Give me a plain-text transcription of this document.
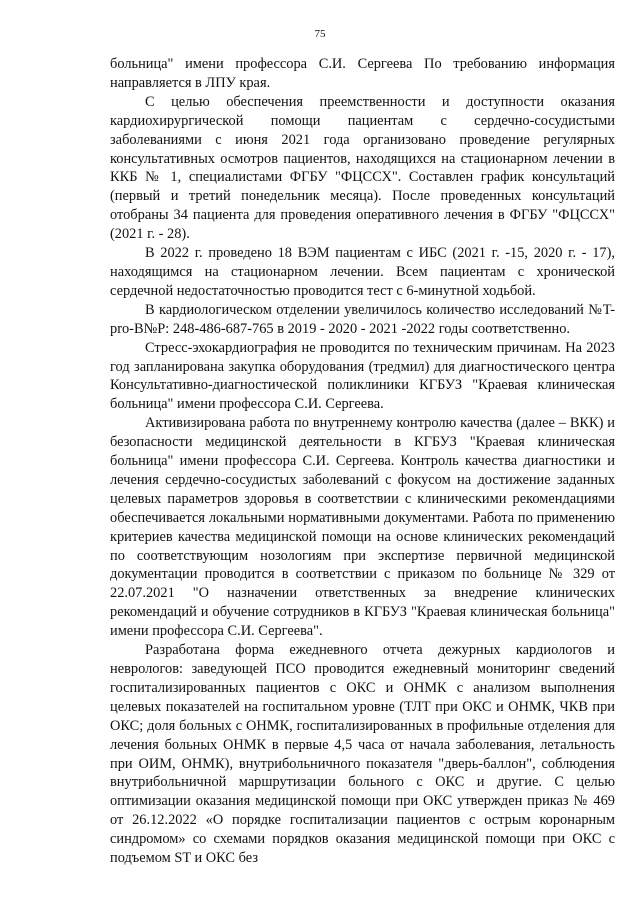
75

больница" имени профессора С.И. Сергеева По требованию информация направляется в ЛПУ края.

С целью обеспечения преемственности и доступности оказания кардиохирургической помощи пациентам с сердечно-сосудистыми заболеваниями с июня 2021 года организовано проведение регулярных консультативных осмотров пациентов, находящихся на стационарном лечении в ККБ № 1, специалистами ФГБУ "ФЦССХ". Составлен график консультаций (первый и третий понедельник месяца). После проведенных консультаций отобраны 34 пациента для проведения оперативного лечения в ФГБУ "ФЦССХ" (2021 г. - 28).

В 2022 г. проведено 18 ВЭМ пациентам с ИБС (2021 г. -15, 2020 г. - 17), находящимся на стационарном лечении. Всем пациентам с хронической сердечной недостаточностью проводится тест с 6-минутной ходьбой.

В кардиологическом отделении увеличилось количество исследований №T-pro-B№P: 248-486-687-765 в 2019 - 2020 - 2021 -2022 годы соответственно.

Стресс-эхокардиография не проводится по техническим причинам. На 2023 год запланирована закупка оборудования (тредмил) для диагностического центра Консультативно-диагностической поликлиники КГБУЗ "Краевая клиническая больница" имени профессора С.И. Сергеева.

Активизирована работа по внутреннему контролю качества (далее – ВКК) и безопасности медицинской деятельности в КГБУЗ "Краевая клиническая больница" имени профессора С.И. Сергеева. Контроль качества диагностики и лечения сердечно-сосудистых заболеваний с фокусом на достижение заданных целевых параметров здоровья в соответствии с клиническими рекомендациями обеспечивается локальными нормативными документами. Работа по применению критериев качества медицинской помощи на основе клинических рекомендаций по соответствующим нозологиям при экспертизе первичной медицинской документации проводится в соответствии с приказом по больнице № 329 от 22.07.2021 "О назначении ответственных за внедрение клинических рекомендаций и обучение сотрудников в КГБУЗ "Краевая клиническая больница" имени профессора С.И. Сергеева".

Разработана форма ежедневного отчета дежурных кардиологов и неврологов: заведующей ПСО проводится ежедневный мониторинг сведений госпитализированных пациентов с ОКС и ОНМК с анализом выполнения целевых показателей на госпитальном уровне (ТЛТ при ОКС и ОНМК, ЧКВ при ОКС; доля больных с ОНМК, госпитализированных в профильные отделения для лечения больных ОНМК в первые 4,5 часа от начала заболевания, летальность при ОИМ, ОНМК), внутрибольничного показателя "дверь-баллон", соблюдения внутрибольничной маршрутизации больного с ОКС и другие. С целью оптимизации оказания медицинской помощи при ОКС утвержден приказ № 469 от 26.12.2022 «О порядке госпитализации пациентов с острым коронарным синдромом» со схемами порядков оказания медицинской помощи при ОКС с подъемом ST и ОКС без
